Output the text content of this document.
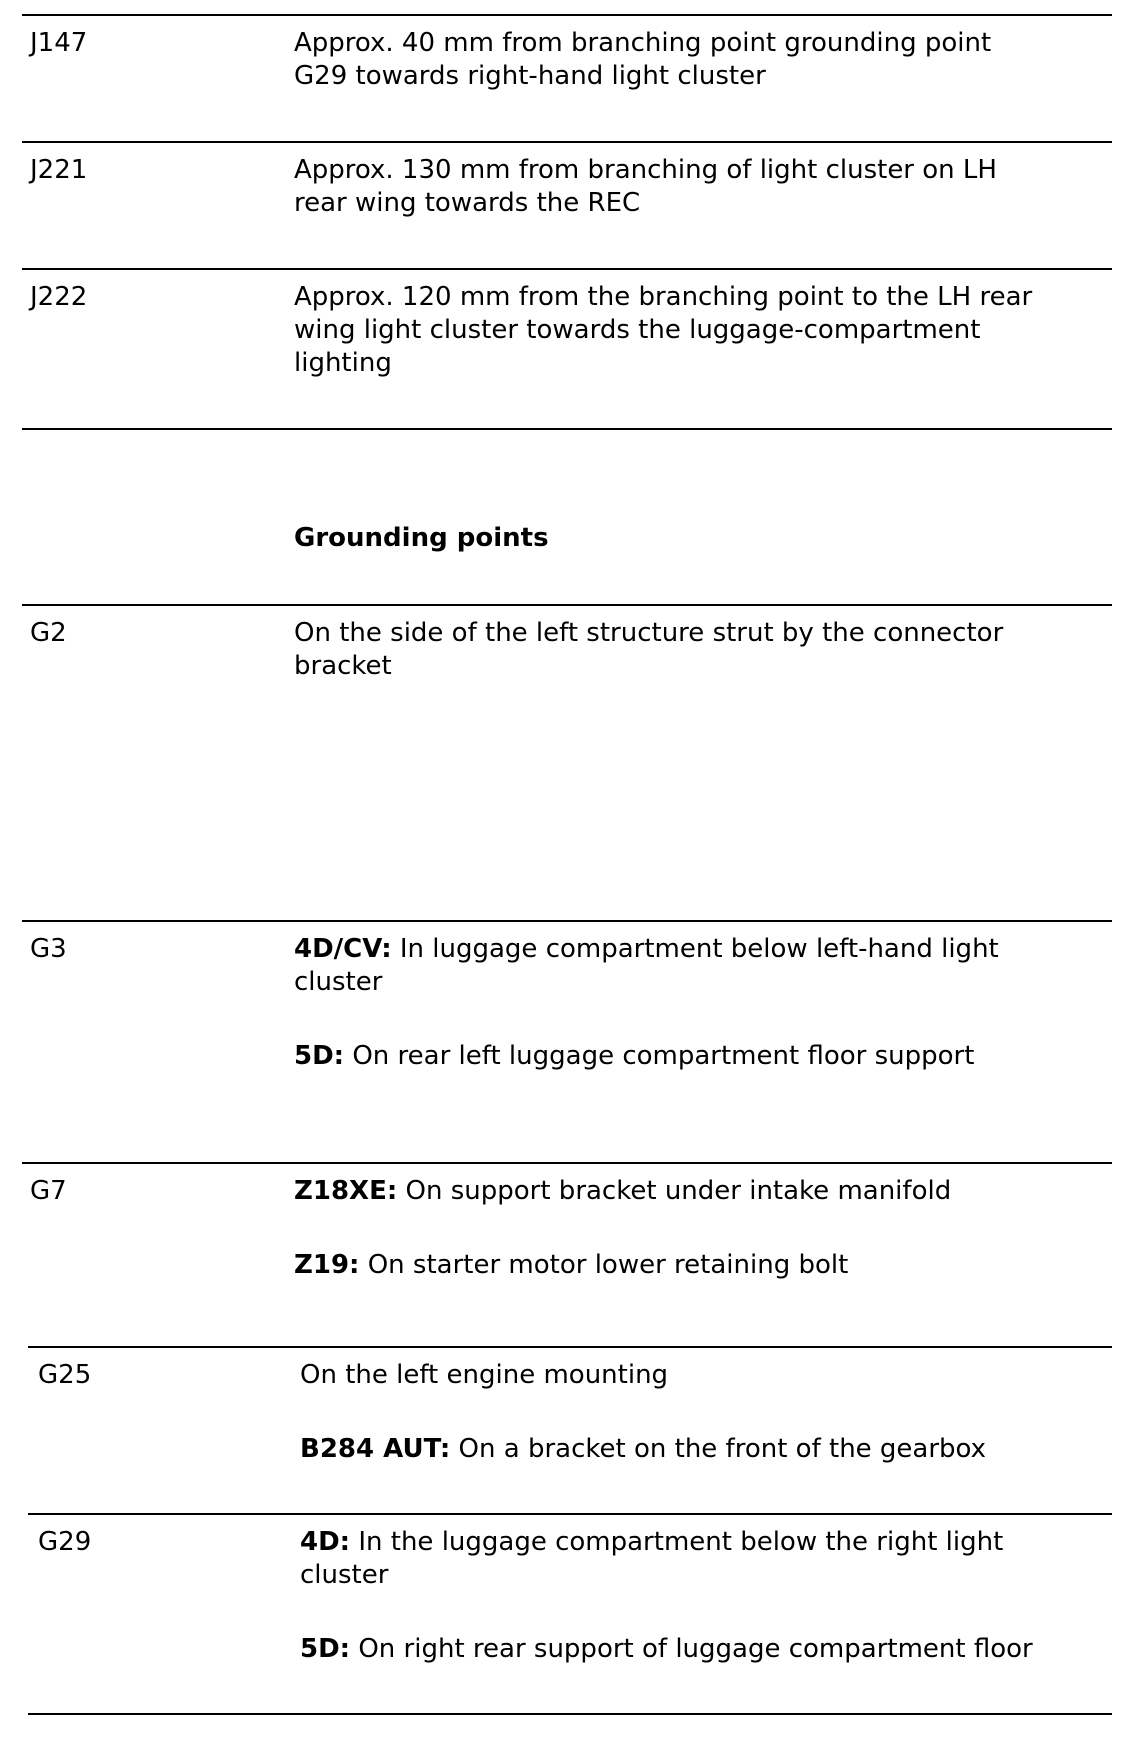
J147	Approx. 40 mm from branching point grounding point
G29 towards right-hand light cluster
J221	Approx. 130 mm from branching of light cluster on LH
rear wing towards the REC
J222	Approx. 120 mm from the branching point to the LH rear
wing light cluster towards the luggage-compartment
lighting
Grounding points
G2	On the side of the left structure strut by the connector
bracket
G3	4D/CV: In luggage compartment below left-hand light
cluster
5D: On rear left luggage compartment floor support
G7	Z18XE: On support bracket under intake manifold
Z19: On starter motor lower retaining bolt
G25	On the left engine mounting
B284 AUT: On a bracket on the front of the gearbox
G29	4D: In the luggage compartment below the right light
cluster
5D: On right rear support of luggage compartment floor
